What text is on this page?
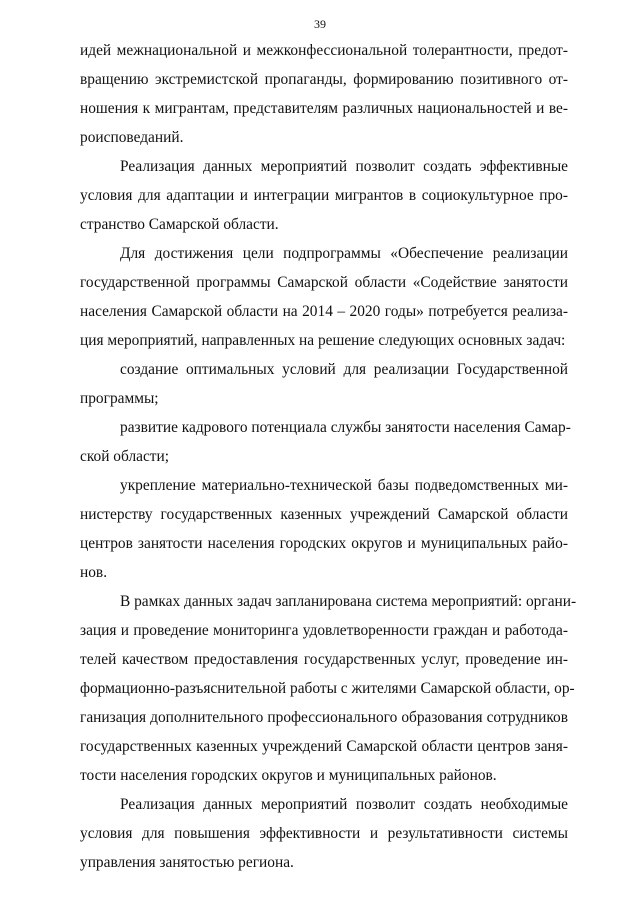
39
идей межнациональной и межконфессиональной толерантности, предот-
вращению экстремистской пропаганды, формированию позитивного от-
ношения к мигрантам, представителям различных национальностей и ве-
роисповеданий.
Реализация данных мероприятий позволит создать эффективные
условия для адаптации и интеграции мигрантов в социокультурное про-
странство Самарской области.
Для достижения цели подпрограммы «Обеспечение реализации
государственной программы Самарской области «Содействие занятости
населения Самарской области на 2014 – 2020 годы» потребуется реализа-
ция мероприятий, направленных на решение следующих основных задач:
создание оптимальных условий для реализации Государственной
программы;
развитие кадрового потенциала службы занятости населения Самар-
ской области;
укрепление материально-технической базы подведомственных ми-
нистерству государственных казенных учреждений Самарской области
центров занятости населения городских округов и муниципальных райо-
нов.
В рамках данных задач запланирована система мероприятий: органи-
зация и проведение мониторинга удовлетворенности граждан и работода-
телей качеством предоставления государственных услуг, проведение ин-
формационно-разъяснительной работы с жителями Самарской области, ор-
ганизация дополнительного профессионального образования сотрудников
государственных казенных учреждений Самарской области центров заня-
тости населения городских округов и муниципальных районов.
Реализация данных мероприятий позволит создать необходимые
условия для повышения эффективности и результативности системы
управления занятостью региона.
